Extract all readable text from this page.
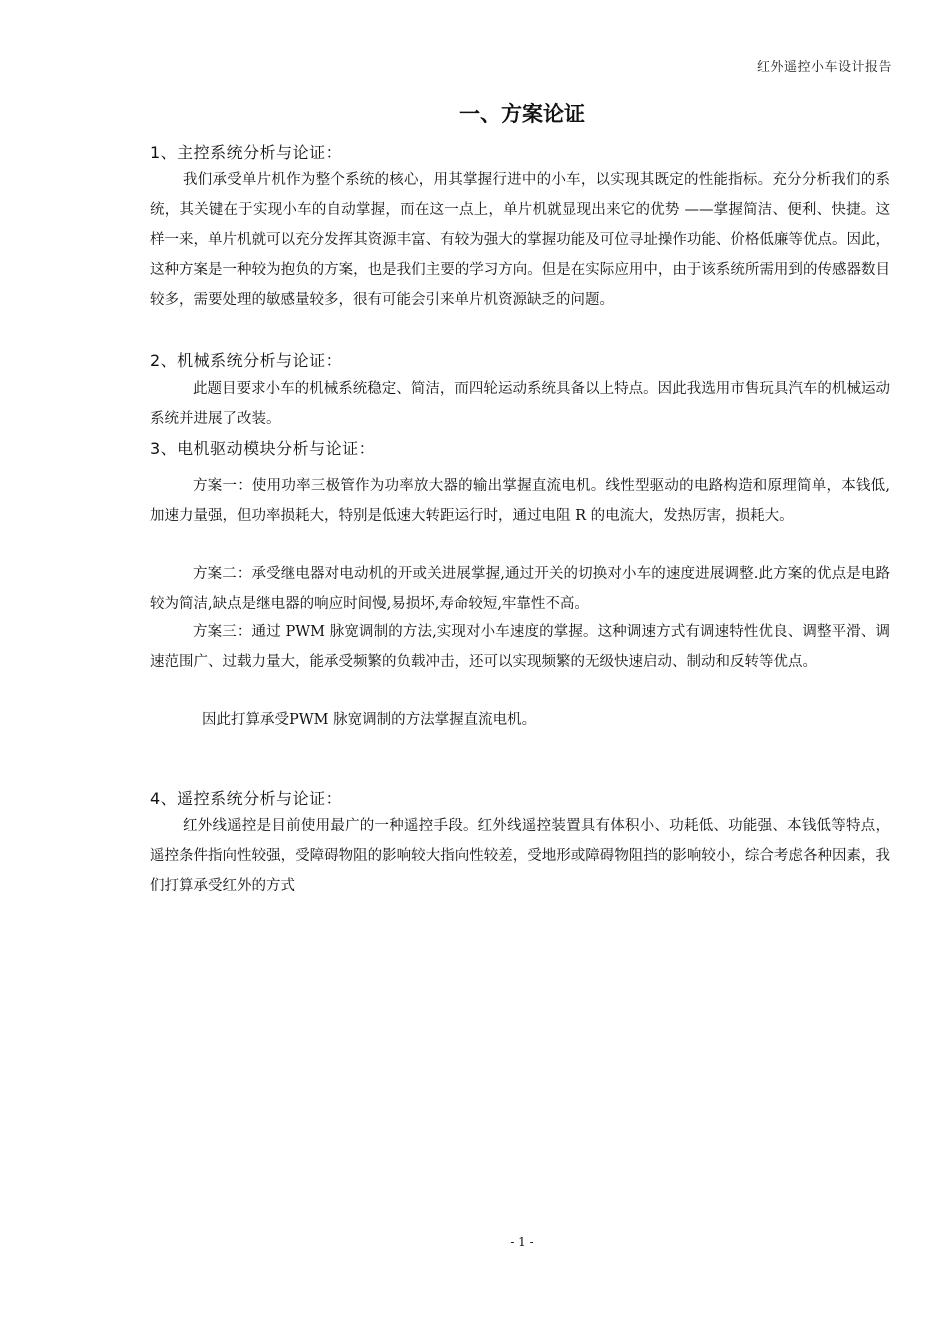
红外遥控小车设计报告
一、方案论证
1、主控系统分析与论证：

我们承受单片机作为整个系统的核心，用其掌握行进中的小车，以实现其既定的性能指标。充分分析我们的系统，其关键在于实现小车的自动掌握，而在这一点上，单片机就显现出来它的优势 ——掌握简洁、便利、快捷。这样一来，单片机就可以充分发挥其资源丰富、有较为强大的掌握功能及可位寻址操作功能、价格低廉等优点。因此，这种方案是一种较为抱负的方案，也是我们主要的学习方向。但是在实际应用中，由于该系统所需用到的传感器数目较多，需要处理的敏感量较多，很有可能会引来单片机资源缺乏的问题。

2、机械系统分析与论证：

此题目要求小车的机械系统稳定、简洁，而四轮运动系统具备以上特点。因此我选用市售玩具汽车的机械运动系统并进展了改装。

3、电机驱动模块分析与论证：

方案一：使用功率三极管作为功率放大器的输出掌握直流电机。线性型驱动的电路构造和原理简单，本钱低,加速力量强，但功率损耗大，特别是低速大转距运行时，通过电阻 R 的电流大，发热厉害，损耗大。

方案二：承受继电器对电动机的开或关进展掌握,通过开关的切换对小车的速度进展调整.此方案的优点是电路较为简洁,缺点是继电器的响应时间慢,易损坏,寿命较短,牢靠性不高。

方案三：通过 PWM 脉宽调制的方法,实现对小车速度的掌握。这种调速方式有调速特性优良、调整平滑、调速范围广、过载力量大，能承受频繁的负载冲击，还可以实现频繁的无级快速启动、制动和反转等优点。

因此打算承受PWM 脉宽调制的方法掌握直流电机。

4、遥控系统分析与论证：

红外线遥控是目前使用最广的一种遥控手段。红外线遥控装置具有体积小、功耗低、功能强、本钱低等特点，遥控条件指向性较强，受障碍物阻的影响较大指向性较差，受地形或障碍物阻挡的影响较小，综合考虑各种因素，我们打算承受红外的方式

- 1 -
